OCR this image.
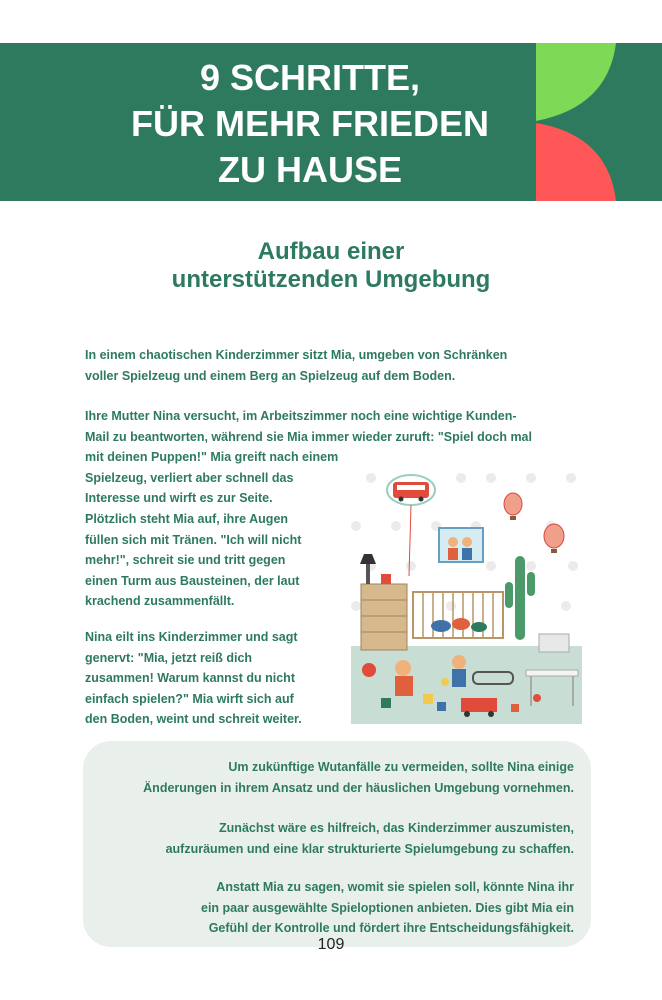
9 SCHRITTE,
FÜR MEHR FRIEDEN
ZU HAUSE
Aufbau einer
unterstützenden Umgebung

In einem chaotischen Kinderzimmer sitzt Mia, umgeben von Schränken
voller Spielzeug und einem Berg an Spielzeug auf dem Boden.

Ihre Mutter Nina versucht, im Arbeitszimmer noch eine wichtige Kunden-
Mail zu beantworten, während sie Mia immer wieder zuruft: "Spiel doch mal
mit deinen Puppen!" Mia greift nach einem
Spielzeug, verliert aber schnell das
Interesse und wirft es zur Seite.
Plötzlich steht Mia auf, ihre Augen
füllen sich mit Tränen. "Ich will nicht
mehr!", schreit sie und tritt gegen
einen Turm aus Bausteinen, der laut
krachend zusammenfällt.

Nina eilt ins Kinderzimmer und sagt
genervt: "Mia, jetzt reiß dich
zusammen! Warum kannst du nicht
einfach spielen?" Mia wirft sich auf
den Boden, weint und schreit weiter.

Um zukünftige Wutanfälle zu vermeiden, sollte Nina einige
Änderungen in ihrem Ansatz und der häuslichen Umgebung vornehmen.

Zunächst wäre es hilfreich, das Kinderzimmer auszumisten,
aufzuräumen und eine klar strukturierte Spielumgebung zu schaffen.

Anstatt Mia zu sagen, womit sie spielen soll, könnte Nina ihr
ein paar ausgewählte Spieloptionen anbieten. Dies gibt Mia ein
Gefühl der Kontrolle und fördert ihre Entscheidungsfähigkeit.

109
